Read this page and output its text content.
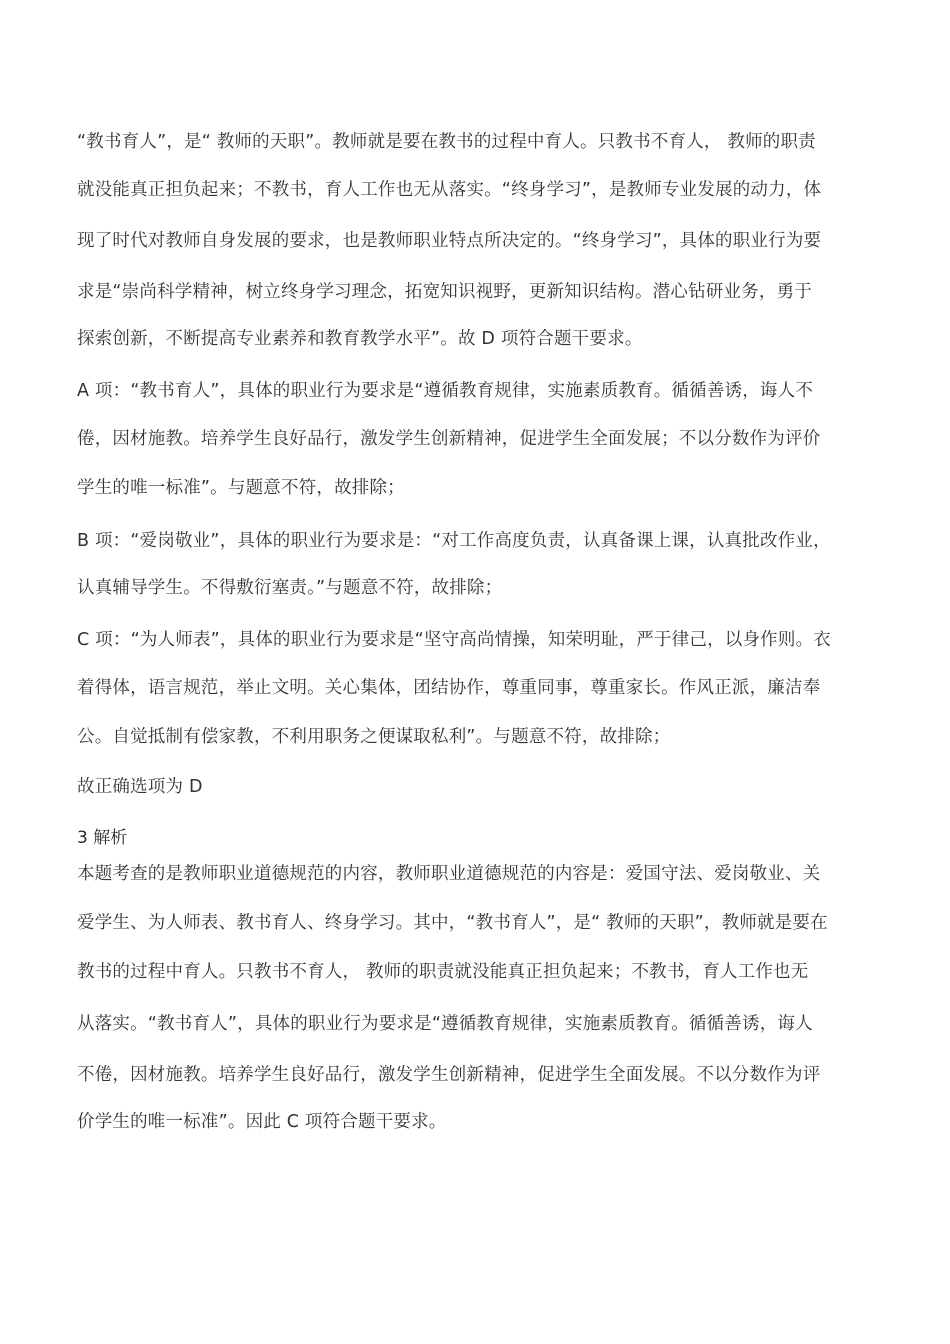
“教书育人”，是“ 教师的天职”。教师就是要在教书的过程中育人。只教书不育人， 教师的职责
就没能真正担负起来；不教书，育人工作也无从落实。“终身学习”，是教师专业发展的动力，体
现了时代对教师自身发展的要求，也是教师职业特点所决定的。“终身学习”，具体的职业行为要
求是“崇尚科学精神，树立终身学习理念，拓宽知识视野，更新知识结构。潜心钻研业务，勇于
探索创新，不断提高专业素养和教育教学水平”。故 D 项符合题干要求。
A 项：“教书育人”，具体的职业行为要求是“遵循教育规律，实施素质教育。循循善诱，诲人不
倦，因材施教。培养学生良好品行，激发学生创新精神，促进学生全面发展；不以分数作为评价
学生的唯一标准”。与题意不符，故排除；
B 项：“爱岗敬业”，具体的职业行为要求是：“对工作高度负责，认真备课上课，认真批改作业，
认真辅导学生。不得敷衍塞责。”与题意不符，故排除；
C 项：“为人师表”，具体的职业行为要求是“坚守高尚情操，知荣明耻，严于律己，以身作则。衣
着得体，语言规范，举止文明。关心集体，团结协作，尊重同事，尊重家长。作风正派，廉洁奉
公。自觉抵制有偿家教，不利用职务之便谋取私利”。与题意不符，故排除；
故正确选项为 D
3 解析
本题考查的是教师职业道德规范的内容，教师职业道德规范的内容是：爱国守法、爱岗敬业、关
爱学生、为人师表、教书育人、终身学习。其中，“教书育人”，是“ 教师的天职”，教师就是要在
教书的过程中育人。只教书不育人， 教师的职责就没能真正担负起来；不教书，育人工作也无
从落实。“教书育人”，具体的职业行为要求是“遵循教育规律，实施素质教育。循循善诱，诲人
不倦，因材施教。培养学生良好品行，激发学生创新精神，促进学生全面发展。不以分数作为评
价学生的唯一标准”。因此 C 项符合题干要求。
